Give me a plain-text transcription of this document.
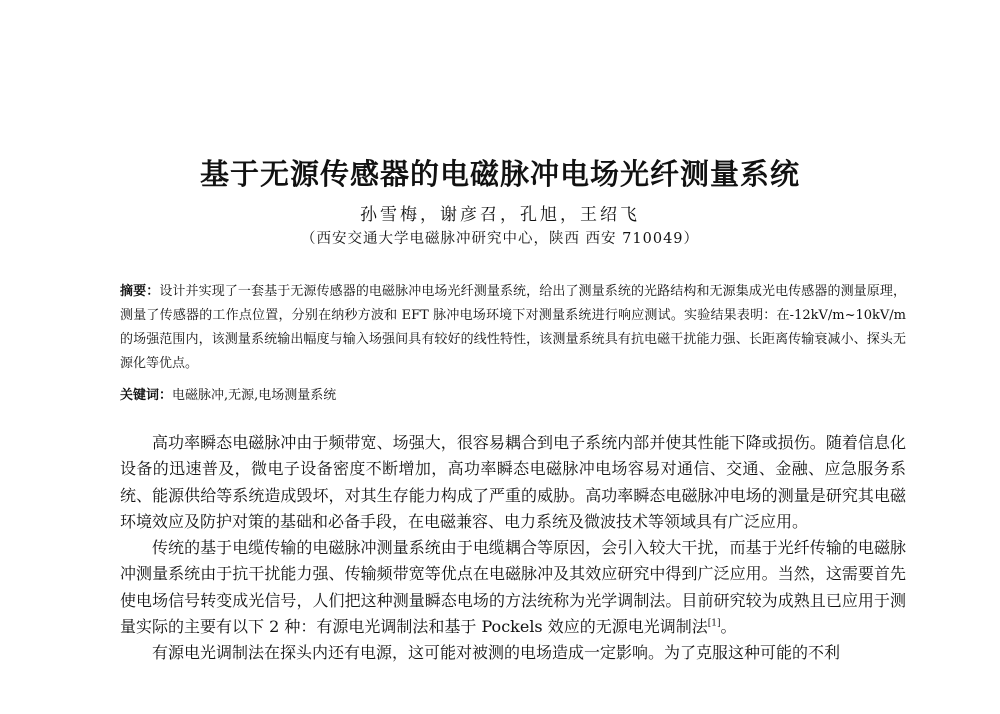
基于无源传感器的电磁脉冲电场光纤测量系统
孙雪梅，谢彦召，孔旭，王绍飞
（西安交通大学电磁脉冲研究中心，陕西 西安 710049）
摘要：设计并实现了一套基于无源传感器的电磁脉冲电场光纤测量系统，给出了测量系统的光路结构和无源集成光电传感器的测量原理，测量了传感器的工作点位置，分别在纳秒方波和 EFT 脉冲电场环境下对测量系统进行响应测试。实验结果表明：在-12kV/m~10kV/m 的场强范围内，该测量系统输出幅度与输入场强间具有较好的线性特性，该测量系统具有抗电磁干扰能力强、长距离传输衰减小、探头无源化等优点。
关键词：电磁脉冲,无源,电场测量系统

高功率瞬态电磁脉冲由于频带宽、场强大，很容易耦合到电子系统内部并使其性能下降或损伤。随着信息化设备的迅速普及，微电子设备密度不断增加，高功率瞬态电磁脉冲电场容易对通信、交通、金融、应急服务系统、能源供给等系统造成毁坏，对其生存能力构成了严重的威胁。高功率瞬态电磁脉冲电场的测量是研究其电磁环境效应及防护对策的基础和必备手段，在电磁兼容、电力系统及微波技术等领域具有广泛应用。

传统的基于电缆传输的电磁脉冲测量系统由于电缆耦合等原因，会引入较大干扰，而基于光纤传输的电磁脉冲测量系统由于抗干扰能力强、传输频带宽等优点在电磁脉冲及其效应研究中得到广泛应用。当然，这需要首先使电场信号转变成光信号，人们把这种测量瞬态电场的方法统称为光学调制法。目前研究较为成熟且已应用于测量实际的主要有以下 2 种：有源电光调制法和基于 Pockels 效应的无源电光调制法[1]。

有源电光调制法在探头内还有电源，这可能对被测的电场造成一定影响。为了克服这种可能的不利
